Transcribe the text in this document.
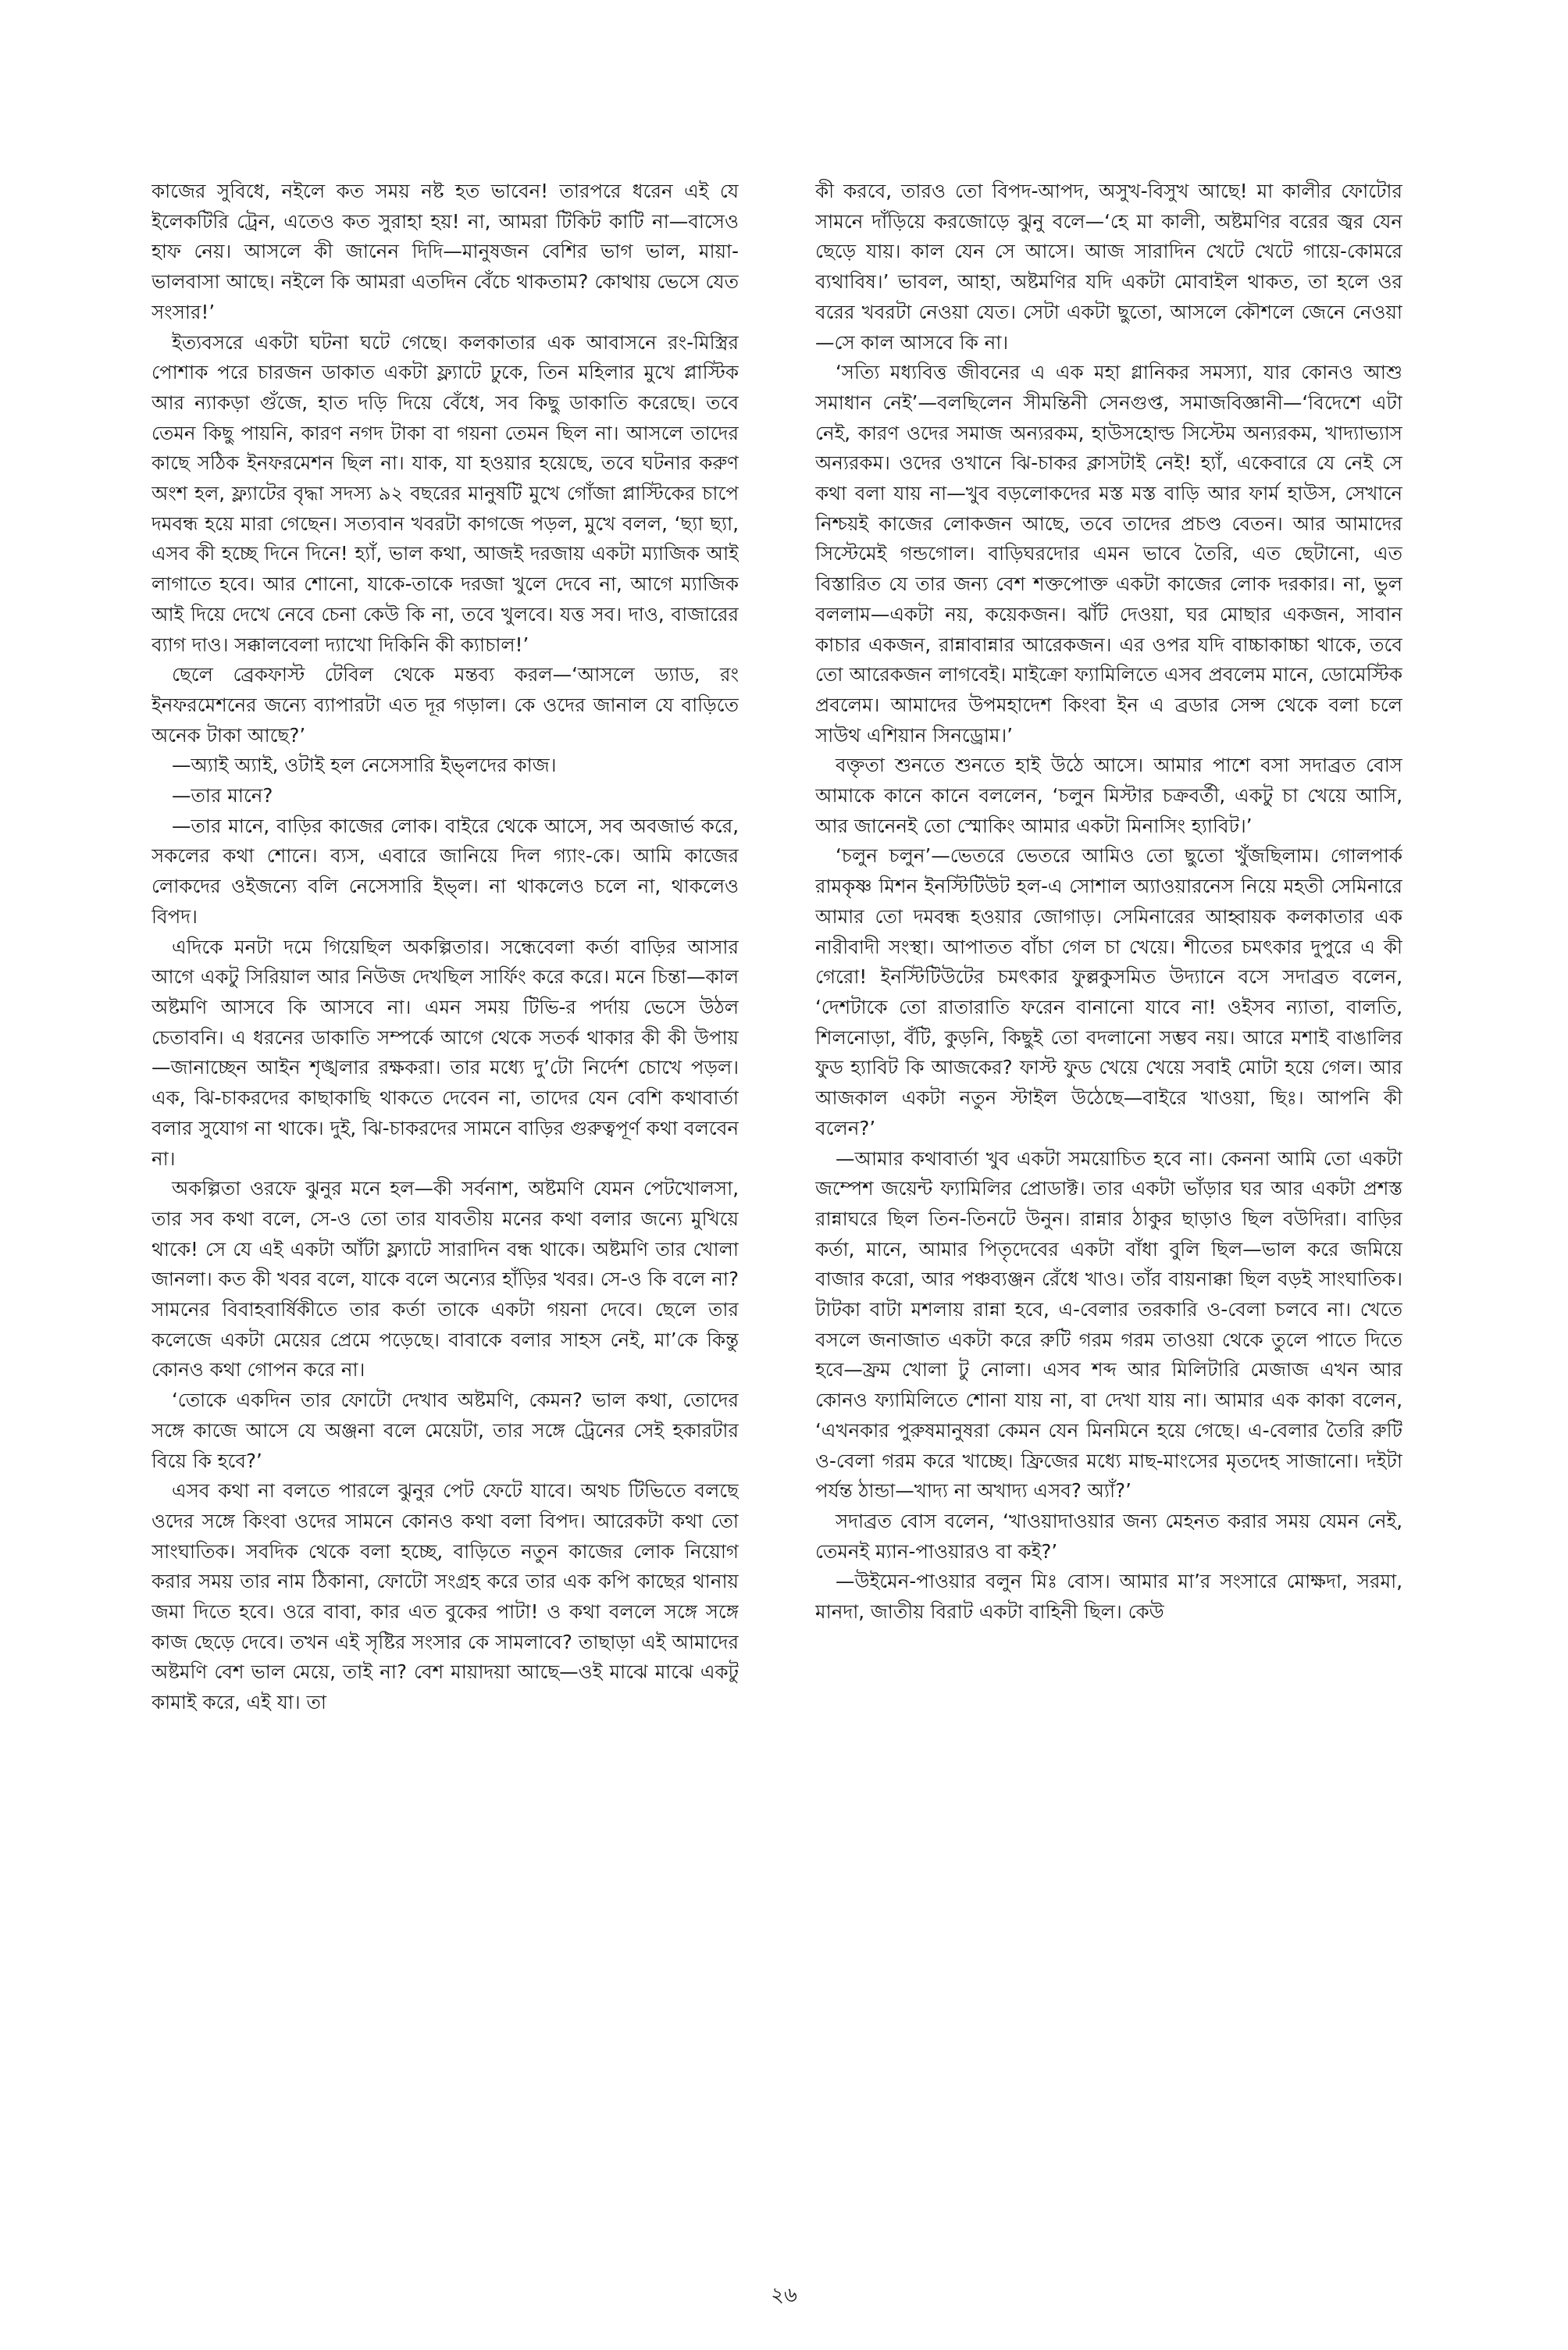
কাজের সুবিধে, নইলে কত সময় নষ্ট হত ভাবেন! তারপরে ধরেন এই যে ইলেকটিরি ট্রেন, এতেও কত সুরাহা হয়! না, আমরা টিকিট কাটি না—বাসেও হাফ নেয়। আসলে কী জানেন দিদি—মানুষজন বেশির ভাগ ভাল, মায়া-ভালবাসা আছে। নইলে কি আমরা এতদিন বেঁচে থাকতাম? কোথায় ভেসে যেত সংসার!’

ইত্যবসরে একটা ঘটনা ঘটে গেছে। কলকাতার এক আবাসনে রং-মিস্ত্রির পোশাক পরে চারজন ডাকাত একটা ফ্ল্যাটে ঢুকে, তিন মহিলার মুখে প্লাস্টিক আর ন্যাকড়া গুঁজে, হাত দড়ি দিয়ে বেঁধে, সব কিছু ডাকাতি করেছে। তবে তেমন কিছু পায়নি, কারণ নগদ টাকা বা গয়না তেমন ছিল না। আসলে তাদের কাছে সঠিক ইনফরমেশন ছিল না। যাক, যা হওয়ার হয়েছে, তবে ঘটনার করুণ অংশ হল, ফ্ল্যাটের বৃদ্ধা সদস্য ৯২ বছরের মানুষটি মুখে গোঁজা প্লাস্টিকের চাপে দমবন্ধ হয়ে মারা গেছেন। সত্যবান খবরটা কাগজে পড়ল, মুখে বলল, ‘ছ্যা ছ্যা, এসব কী হচ্ছে দিনে দিনে! হ্যাঁ, ভাল কথা, আজই দরজায় একটা ম্যাজিক আই লাগাতে হবে। আর শোনো, যাকে-তাকে দরজা খুলে দেবে না, আগে ম্যাজিক আই দিয়ে দেখে নেবে চেনা কেউ কি না, তবে খুলবে। যত্ত সব। দাও, বাজারের ব্যাগ দাও। সক্কালবেলা দ্যাখো দিকিনি কী ক্যাচাল!’

ছেলে ব্রেকফাস্ট টেবিল থেকে মন্তব্য করল—‘আসলে ড্যাড, রং ইনফরমেশনের জন্যে ব্যাপারটা এত দূর গড়াল। কে ওদের জানাল যে বাড়িতে অনেক টাকা আছে?’

—অ্যাই অ্যাই, ওটাই হল নেসেসারি ইভ্‌লদের কাজ।

—তার মানে?

—তার মানে, বাড়ির কাজের লোক। বাইরে থেকে আসে, সব অবজার্ভ করে, সকলের কথা শোনে। ব্যস, এবারে জানিয়ে দিল গ্যাং-কে। আমি কাজের লোকদের ওইজন্যে বলি নেসেসারি ইভ্‌ল। না থাকলেও চলে না, থাকলেও বিপদ।

এদিকে মনটা দমে গিয়েছিল অকল্পিতার। সন্ধেবেলা কর্তা বাড়ির আসার আগে একটু সিরিয়াল আর নিউজ দেখছিল সার্ফিং করে করে। মনে চিন্তা—কাল অষ্টমণি আসবে কি আসবে না। এমন সময় টিভি-র পর্দায় ভেসে উঠল চেতাবনি। এ ধরনের ডাকাতি সম্পর্কে আগে থেকে সতর্ক থাকার কী কী উপায়—জানাচ্ছেন আইন শৃঙ্খলার রক্ষকরা। তার মধ্যে দু’টো নির্দেশ চোখে পড়ল। এক, ঝি-চাকরদের কাছাকাছি থাকতে দেবেন না, তাদের যেন বেশি কথাবার্তা বলার সুযোগ না থাকে। দুই, ঝি-চাকরদের সামনে বাড়ির গুরুত্বপূর্ণ কথা বলবেন না।

অকল্পিতা ওরফে ঝুনুর মনে হল—কী সর্বনাশ, অষ্টমণি যেমন পেটখোলসা, তার সব কথা বলে, সে-ও তো তার যাবতীয় মনের কথা বলার জন্যে মুখিয়ে থাকে! সে যে এই একটা আঁটা ফ্ল্যাটে সারাদিন বন্ধ থাকে। অষ্টমণি তার খোলা জানলা। কত কী খবর বলে, যাকে বলে অন্যের হাঁড়ির খবর। সে-ও কি বলে না? সামনের বিবাহবার্ষিকীতে তার কর্তা তাকে একটা গয়না দেবে। ছেলে তার কলেজে একটা মেয়ের প্রেমে পড়েছে। বাবাকে বলার সাহস নেই, মা’কে কিন্তু কোনও কথা গোপন করে না।

‘তোকে একদিন তার ফোটো দেখাব অষ্টমণি, কেমন? ভাল কথা, তোদের সঙ্গে কাজে আসে যে অঞ্জনা বলে মেয়েটা, তার সঙ্গে ট্রেনের সেই হকারটার বিয়ে কি হবে?’

এসব কথা না বলতে পারলে ঝুনুর পেট ফেটে যাবে। অথচ টিভিতে বলছে ওদের সঙ্গে কিংবা ওদের সামনে কোনও কথা বলা বিপদ। আরেকটা কথা তো সাংঘাতিক। সবদিক থেকে বলা হচ্ছে, বাড়িতে নতুন কাজের লোক নিয়োগ করার সময় তার নাম ঠিকানা, ফোটো সংগ্রহ করে তার এক কপি কাছের থানায় জমা দিতে হবে। ওরে বাবা, কার এত বুকের পাটা! ও কথা বললে সঙ্গে সঙ্গে কাজ ছেড়ে দেবে। তখন এই সৃষ্টির সংসার কে সামলাবে? তাছাড়া এই আমাদের অষ্টমণি বেশ ভাল মেয়ে, তাই না? বেশ মায়াদয়া আছে—ওই মাঝে মাঝে একটু কামাই করে, এই যা। তা

কী করবে, তারও তো বিপদ-আপদ, অসুখ-বিসুখ আছে! মা কালীর ফোটোর সামনে দাঁড়িয়ে করজোড়ে ঝুনু বলে—‘হে মা কালী, অষ্টমণির বরের জ্বর যেন ছেড়ে যায়। কাল যেন সে আসে। আজ সারাদিন খেটে খেটে গায়ে-কোমরে ব্যথাবিষ।’ ভাবল, আহা, অষ্টমণির যদি একটা মোবাইল থাকত, তা হলে ওর বরের খবরটা নেওয়া যেত। সেটা একটা ছুতো, আসলে কৌশলে জেনে নেওয়া—সে কাল আসবে কি না।

‘সত্যি মধ্যবিত্ত জীবনের এ এক মহা গ্লানিকর সমস্যা, যার কোনও আশু সমাধান নেই’—বলছিলেন সীমন্তিনী সেনগুপ্ত, সমাজবিজ্ঞানী—‘বিদেশে এটা নেই, কারণ ওদের সমাজ অন্যরকম, হাউসহোল্ড সিস্টেম অন্যরকম, খাদ্যাভ্যাস অন্যরকম। ওদের ওখানে ঝি-চাকর ক্লাসটাই নেই! হ্যাঁ, একেবারে যে নেই সে কথা বলা যায় না—খুব বড়লোকদের মস্ত মস্ত বাড়ি আর ফার্ম হাউস, সেখানে নিশ্চয়ই কাজের লোকজন আছে, তবে তাদের প্রচণ্ড বেতন। আর আমাদের সিস্টেমেই গন্ডগোল। বাড়িঘরদোর এমন ভাবে তৈরি, এত ছেটানো, এত বিস্তারিত যে তার জন্য বেশ শক্তপোক্ত একটা কাজের লোক দরকার। না, ভুল বললাম—একটা নয়, কয়েকজন। ঝাঁট দেওয়া, ঘর মোছার একজন, সাবান কাচার একজন, রান্নাবান্নার আরেকজন। এর ওপর যদি বাচ্চাকাচ্চা থাকে, তবে তো আরেকজন লাগবেই। মাইক্রো ফ্যামিলিতে এসব প্রবলেম মানে, ডোমেস্টিক প্রবলেম। আমাদের উপমহাদেশ কিংবা ইন এ ব্রডার সেন্স থেকে বলা চলে সাউথ এশিয়ান সিনড্রোম।’

বক্তৃতা শুনতে শুনতে হাই উঠে আসে। আমার পাশে বসা সদাব্রত বোস আমাকে কানে কানে বললেন, ‘চলুন মিস্টার চক্রবর্তী, একটু চা খেয়ে আসি, আর জানেনই তো স্মোকিং আমার একটা মিনাসিং হ্যাবিট।’

‘চলুন চলুন’—ভেতরে ভেতরে আমিও তো ছুতো খুঁজছিলাম। গোলপার্ক রামকৃষ্ণ মিশন ইনস্টিটিউট হল-এ সোশাল অ্যাওয়ারনেস নিয়ে মহতী সেমিনারে আমার তো দমবন্ধ হওয়ার জোগাড়। সেমিনারের আহ্বায়ক কলকাতার এক নারীবাদী সংস্থা। আপাতত বাঁচা গেল চা খেয়ে। শীতের চমৎকার দুপুরে এ কী গেরো! ইনস্টিটিউটের চমৎকার ফুল্লকুসমিত উদ্যানে বসে সদাব্রত বলেন, ‘দেশটাকে তো রাতারাতি ফরেন বানানো যাবে না! ওইসব ন্যাতা, বালতি, শিলনোড়া, বঁটি, কুড়নি, কিছুই তো বদলানো সম্ভব নয়। আরে মশাই বাঙালির ফুড হ্যাবিট কি আজকের? ফাস্ট ফুড খেয়ে খেয়ে সবাই মোটা হয়ে গেল। আর আজকাল একটা নতুন স্টাইল উঠেছে—বাইরে খাওয়া, ছিঃ। আপনি কী বলেন?’

—আমার কথাবার্তা খুব একটা সময়োচিত হবে না। কেননা আমি তো একটা জম্পেশ জয়েন্ট ফ্যামিলির প্রোডাক্ট। তার একটা ভাঁড়ার ঘর আর একটা প্রশস্ত রান্নাঘরে ছিল তিন-তিনটে উনুন। রান্নার ঠাকুর ছাড়াও ছিল বউদিরা। বাড়ির কর্তা, মানে, আমার পিতৃদেবের একটা বাঁধা বুলি ছিল—ভাল করে জমিয়ে বাজার করো, আর পঞ্চব্যঞ্জন রেঁধে খাও। তাঁর বায়নাক্কা ছিল বড়ই সাংঘাতিক। টাটকা বাটা মশলায় রান্না হবে, এ-বেলার তরকারি ও-বেলা চলবে না। খেতে বসলে জনাজাত একটা করে রুটি গরম গরম তাওয়া থেকে তুলে পাতে দিতে হবে—ফ্রম খোলা টু নোলা। এসব শব্দ আর মিলিটারি মেজাজ এখন আর কোনও ফ্যামিলিতে শোনা যায় না, বা দেখা যায় না। আমার এক কাকা বলেন, ‘এখনকার পুরুষমানুষরা কেমন যেন মিনমিনে হয়ে গেছে। এ-বেলার তৈরি রুটি ও-বেলা গরম করে খাচ্ছে। ফ্রিজের মধ্যে মাছ-মাংসের মৃতদেহ সাজানো। দইটা পর্যন্ত ঠান্ডা—খাদ্য না অখাদ্য এসব? অ্যাঁ?’

সদাব্রত বোস বলেন, ‘খাওয়াদাওয়ার জন্য মেহনত করার সময় যেমন নেই, তেমনই ম্যান-পাওয়ারও বা কই?’

—উইমেন-পাওয়ার বলুন মিঃ বোস। আমার মা’র সংসারে মোক্ষদা, সরমা, মানদা, জাতীয় বিরাট একটা বাহিনী ছিল। কেউ

২৬
